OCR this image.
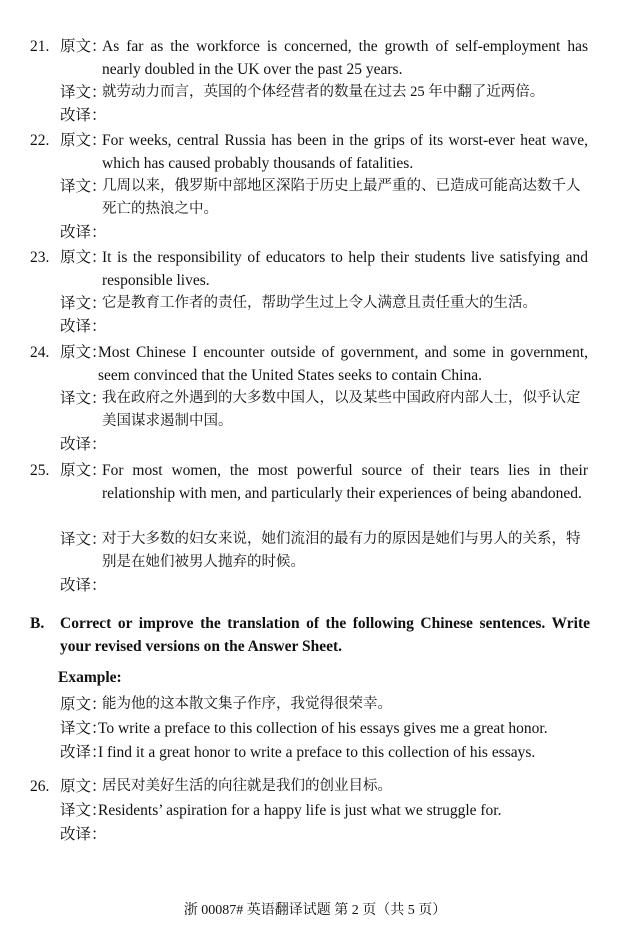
21. 原文：
As far as the workforce is concerned, the growth of self-employment has nearly doubled in the UK over the past 25 years.
译文：
就劳动力而言，英国的个体经营者的数量在过去 25 年中翻了近两倍。
改译：
22. 原文：
For weeks, central Russia has been in the grips of its worst-ever heat wave, which has caused probably thousands of fatalities.
译文：
几周以来，俄罗斯中部地区深陷于历史上最严重的、已造成可能高达数千人死亡的热浪之中。
改译：
23. 原文：
It is the responsibility of educators to help their students live satisfying and responsible lives.
译文：
它是教育工作者的责任，帮助学生过上令人满意且责任重大的生活。
改译：
24. 原文：
Most Chinese I encounter outside of government, and some in government, seem convinced that the United States seeks to contain China.
译文：
我在政府之外遇到的大多数中国人，以及某些中国政府内部人士，似乎认定美国谋求遏制中国。
改译：
25. 原文：
For most women, the most powerful source of their tears lies in their relationship with men, and particularly their experiences of being abandoned.
译文：
对于大多数的妇女来说，她们流泪的最有力的原因是她们与男人的关系，特别是在她们被男人抛弃的时候。
改译：
B. Correct or improve the translation of the following Chinese sentences. Write your revised versions on the Answer Sheet.
Example:
原文：
能为他的这本散文集子作序，我觉得很荣幸。
译文：
To write a preface to this collection of his essays gives me a great honor.
改译：
I find it a great honor to write a preface to this collection of his essays.
26. 原文：
居民对美好生活的向往就是我们的创业目标。
译文：
Residents’ aspiration for a happy life is just what we struggle for.
改译：
浙 00087# 英语翻译试题 第 2 页（共 5 页）
